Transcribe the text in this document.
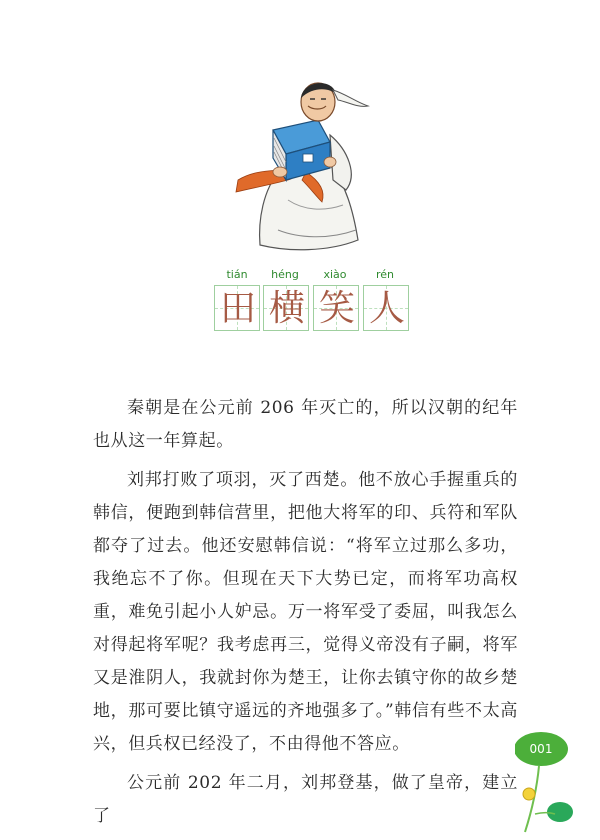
tián	héng	xiào	rén
田 横 笑 人

秦朝是在公元前 206 年灭亡的，所以汉朝的纪年也从这一年算起。

刘邦打败了项羽，灭了西楚。他不放心手握重兵的韩信，便跑到韩信营里，把他大将军的印、兵符和军队都夺了过去。他还安慰韩信说：“将军立过那么多功，我绝忘不了你。但现在天下大势已定，而将军功高权重，难免引起小人妒忌。万一将军受了委屈，叫我怎么对得起将军呢？我考虑再三，觉得义帝没有子嗣，将军又是淮阴人，我就封你为楚王，让你去镇守你的故乡楚地，那可要比镇守遥远的齐地强多了。”韩信有些不太高兴，但兵权已经没了，不由得他不答应。

公元前 202 年二月，刘邦登基，做了皇帝，建立了

001
